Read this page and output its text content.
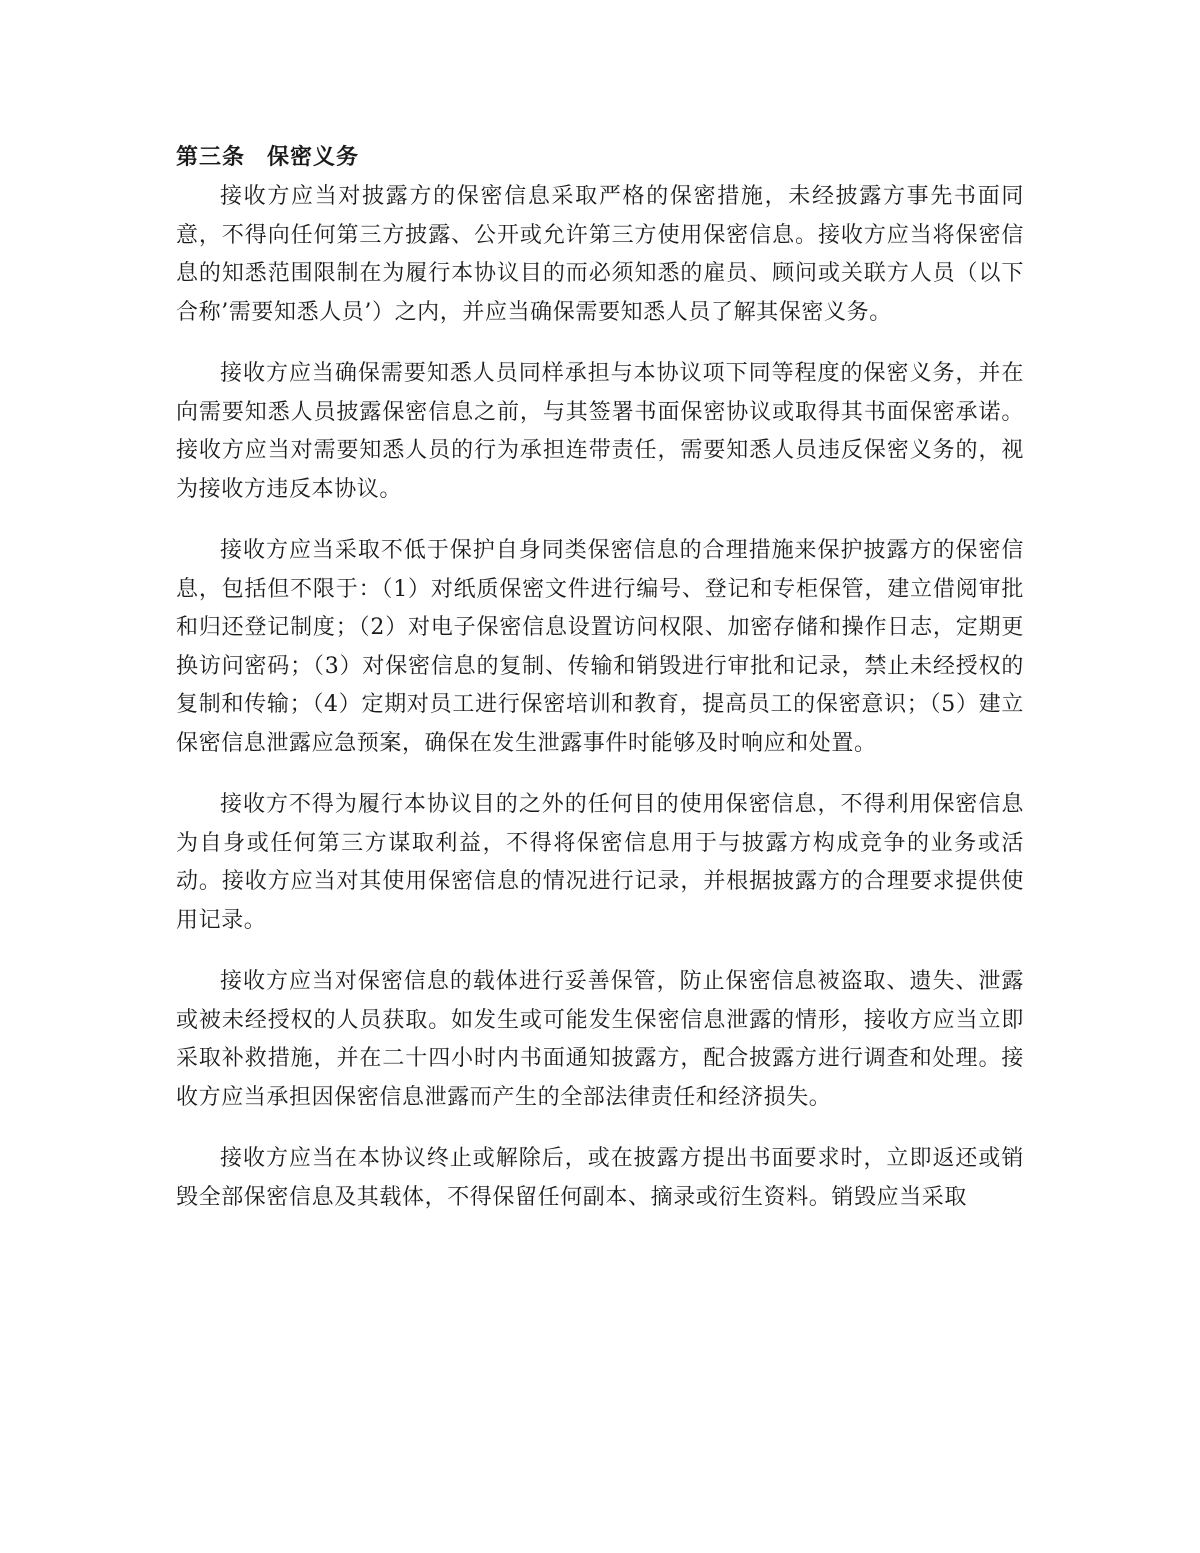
第三条 保密义务

接收方应当对披露方的保密信息采取严格的保密措施，未经披露方事先书面同意，不得向任何第三方披露、公开或允许第三方使用保密信息。接收方应当将保密信息的知悉范围限制在为履行本协议目的而必须知悉的雇员、顾问或关联方人员（以下合称’需要知悉人员’）之内，并应当确保需要知悉人员了解其保密义务。

接收方应当确保需要知悉人员同样承担与本协议项下同等程度的保密义务，并在向需要知悉人员披露保密信息之前，与其签署书面保密协议或取得其书面保密承诺。接收方应当对需要知悉人员的行为承担连带责任，需要知悉人员违反保密义务的，视为接收方违反本协议。

接收方应当采取不低于保护自身同类保密信息的合理措施来保护披露方的保密信息，包括但不限于：（1）对纸质保密文件进行编号、登记和专柜保管，建立借阅审批和归还登记制度；（2）对电子保密信息设置访问权限、加密存储和操作日志，定期更换访问密码；（3）对保密信息的复制、传输和销毁进行审批和记录，禁止未经授权的复制和传输；（4）定期对员工进行保密培训和教育，提高员工的保密意识；（5）建立保密信息泄露应急预案，确保在发生泄露事件时能够及时响应和处置。

接收方不得为履行本协议目的之外的任何目的使用保密信息，不得利用保密信息为自身或任何第三方谋取利益，不得将保密信息用于与披露方构成竞争的业务或活动。接收方应当对其使用保密信息的情况进行记录，并根据披露方的合理要求提供使用记录。

接收方应当对保密信息的载体进行妥善保管，防止保密信息被盗取、遗失、泄露或被未经授权的人员获取。如发生或可能发生保密信息泄露的情形，接收方应当立即采取补救措施，并在二十四小时内书面通知披露方，配合披露方进行调查和处理。接收方应当承担因保密信息泄露而产生的全部法律责任和经济损失。

接收方应当在本协议终止或解除后，或在披露方提出书面要求时，立即返还或销毁全部保密信息及其载体，不得保留任何副本、摘录或衍生资料。销毁应当采取
